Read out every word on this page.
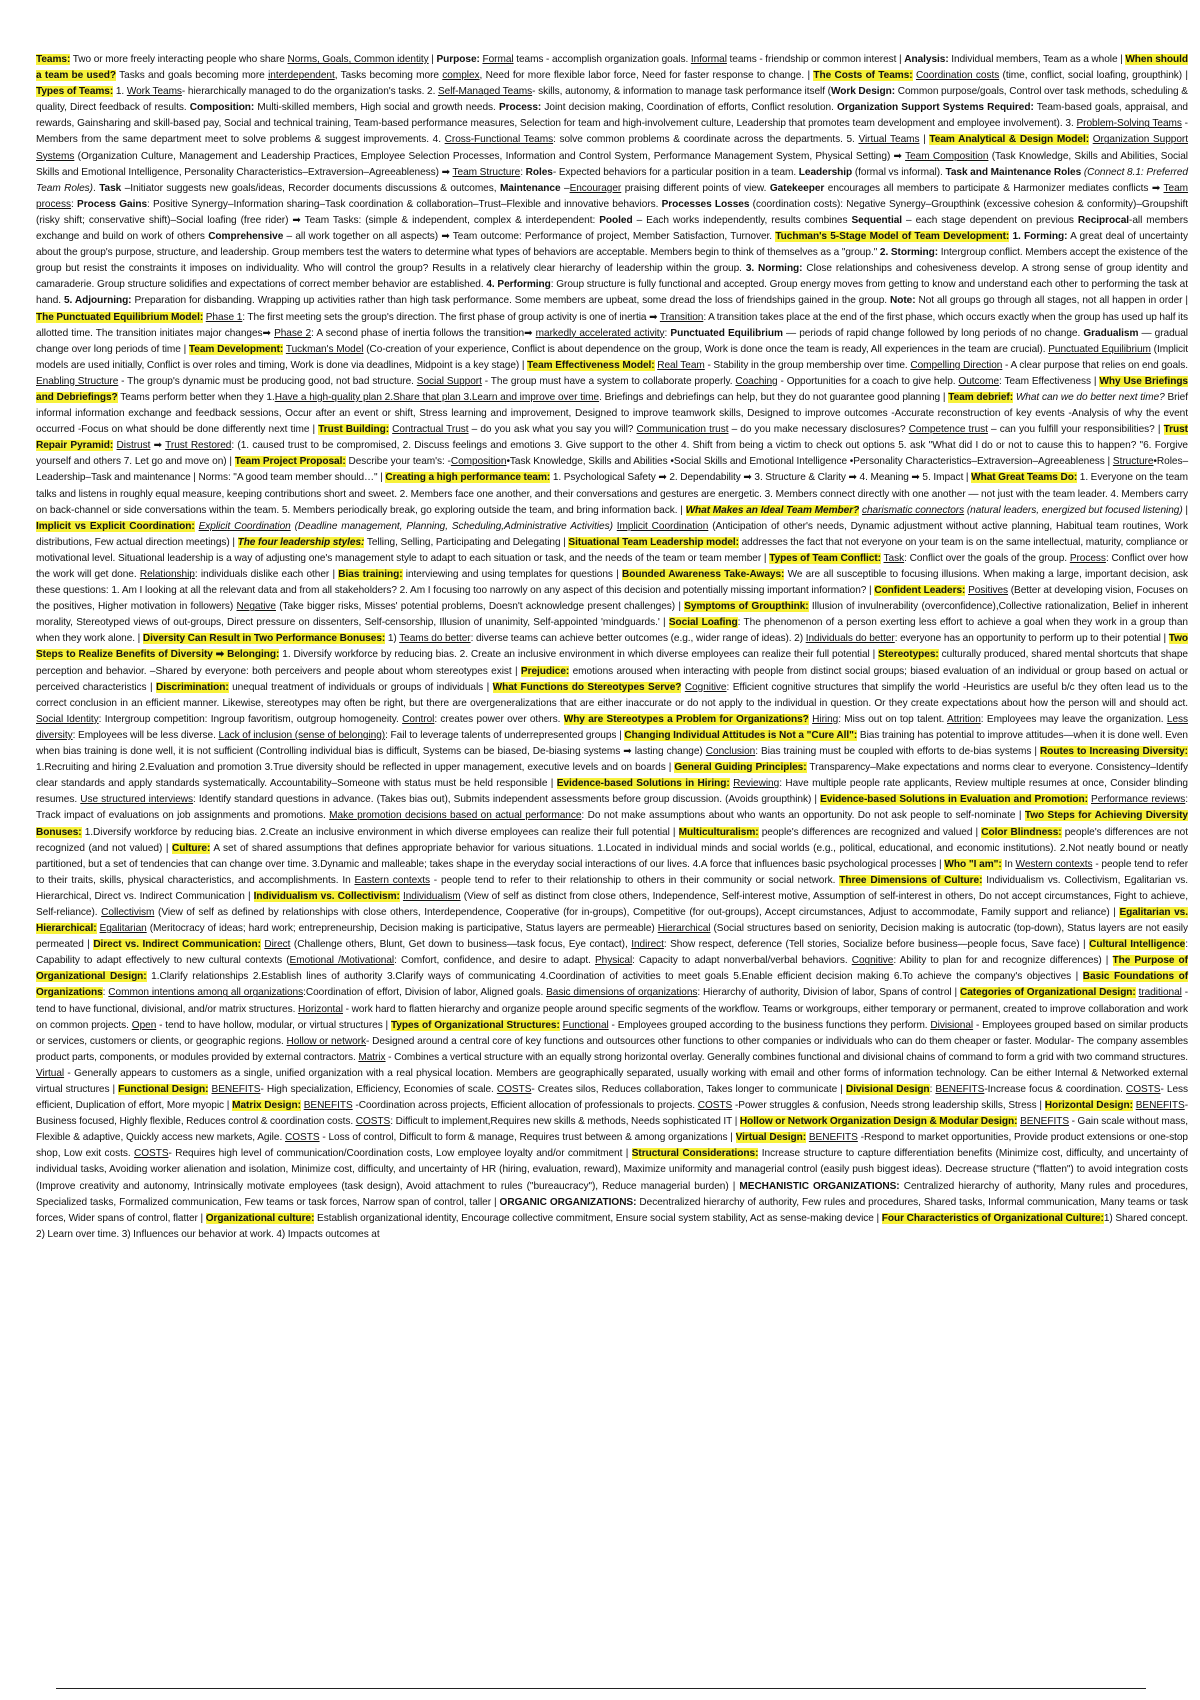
Teams: Two or more freely interacting people who share Norms, Goals, Common identity | Purpose: Formal teams - accomplish organization goals. Informal teams - friendship or common interest | Analysis: Individual members, Team as a whole | When should a team be used? Tasks and goals becoming more interdependent, Tasks becoming more complex, Need for more flexible labor force, Need for faster response to change. | The Costs of Teams: Coordination costs (time, conflict, social loafing, groupthink) | Types of Teams: 1. Work Teams- hierarchically managed to do the organization's tasks. 2. Self-Managed Teams- skills, autonomy, & information to manage task performance itself (Work Design: Common purpose/goals, Control over task methods, scheduling & quality, Direct feedback of results. Composition: Multi-skilled members, High social and growth needs. Process: Joint decision making, Coordination of efforts, Conflict resolution. Organization Support Systems Required: Team-based goals, appraisal, and rewards, Gainsharing and skill-based pay, Social and technical training, Team-based performance measures, Selection for team and high-involvement culture, Leadership that promotes team development and employee involvement). 3. Problem-Solving Teams - Members from the same department meet to solve problems & suggest improvements. 4. Cross-Functional Teams: solve common problems & coordinate across the departments. 5. Virtual Teams | Team Analytical & Design Model: Organization Support Systems (Organization Culture, Management and Leadership Practices, Employee Selection Processes, Information and Control System, Performance Management System, Physical Setting) ➡ Team Composition (Task Knowledge, Skills and Abilities, Social Skills and Emotional Intelligence, Personality Characteristics–Extraversion–Agreeableness) ➡ Team Structure: Roles- Expected behaviors for a particular position in a team. Leadership (formal vs informal). Task and Maintenance Roles (Connect 8.1: Preferred Team Roles). Task –Initiator suggests new goals/ideas, Recorder documents discussions & outcomes, Maintenance –Encourager praising different points of view. Gatekeeper encourages all members to participate & Harmonizer mediates conflicts ➡ Team process: Process Gains: Positive Synergy–Information sharing–Task coordination & collaboration–Trust–Flexible and innovative behaviors. Processes Losses (coordination costs): Negative Synergy–Groupthink (excessive cohesion & conformity)–Groupshift (risky shift; conservative shift)–Social loafing (free rider) ➡ Team Tasks: (simple & independent, complex & interdependent: Pooled – Each works independently, results combines Sequential – each stage dependent on previous Reciprocal-all members exchange and build on work of others Comprehensive – all work together on all aspects) ➡ Team outcome: Performance of project, Member Satisfaction, Turnover. Tuchman's 5-Stage Model of Team Development: 1. Forming: A great deal of uncertainty about the group's purpose, structure, and leadership. Group members test the waters to determine what types of behaviors are acceptable. Members begin to think of themselves as a "group." 2. Storming: Intergroup conflict. Members accept the existence of the group but resist the constraints it imposes on individuality. Who will control the group? Results in a relatively clear hierarchy of leadership within the group. 3. Norming: Close relationships and cohesiveness develop. A strong sense of group identity and camaraderie. Group structure solidifies and expectations of correct member behavior are established. 4. Performing: Group structure is fully functional and accepted. Group energy moves from getting to know and understand each other to performing the task at hand. 5. Adjourning: Preparation for disbanding. Wrapping up activities rather than high task performance. Some members are upbeat, some dread the loss of friendships gained in the group. Note: Not all groups go through all stages, not all happen in order | The Punctuated Equilibrium Model: Phase 1: The first meeting sets the group's direction. The first phase of group activity is one of inertia ➡ Transition: A transition takes place at the end of the first phase, which occurs exactly when the group has used up half its allotted time. The transition initiates major changes➡ Phase 2: A second phase of inertia follows the transition➡ markedly accelerated activity: Punctuated Equilibrium — periods of rapid change followed by long periods of no change. Gradualism — gradual change over long periods of time | Team Development: Tuckman's Model (Co-creation of your experience, Conflict is about dependence on the group, Work is done once the team is ready, All experiences in the team are crucial). Punctuated Equilibrium (Implicit models are used initially, Conflict is over roles and timing, Work is done via deadlines, Midpoint is a key stage) | Team Effectiveness Model: Real Team - Stability in the group membership over time. Compelling Direction - A clear purpose that relies on end goals. Enabling Structure - The group's dynamic must be producing good, not bad structure. Social Support - The group must have a system to collaborate properly. Coaching - Opportunities for a coach to give help. Outcome: Team Effectiveness | Why Use Briefings and Debriefings? Teams perform better when they 1.Have a high-quality plan 2.Share that plan 3.Learn and improve over time. Briefings and debriefings can help, but they do not guarantee good planning | Team debrief: What can we do better next time? Brief informal information exchange and feedback sessions, Occur after an event or shift, Stress learning and improvement, Designed to improve teamwork skills, Designed to improve outcomes -Accurate reconstruction of key events -Analysis of why the event occurred -Focus on what should be done differently next time | Trust Building: Contractual Trust – do you ask what you say you will? Communication trust – do you make necessary disclosures? Competence trust – can you fulfill your responsibilities? | Trust Repair Pyramid: Distrust ➡ Trust Restored: (1. caused trust to be compromised, 2. Discuss feelings and emotions 3. Give support to the other 4. Shift from being a victim to check out options 5. ask "What did I do or not to cause this to happen? "6. Forgive yourself and others 7. Let go and move on) | Team Project Proposal: Describe your team's: -Composition•Task Knowledge, Skills and Abilities •Social Skills and Emotional Intelligence •Personality Characteristics–Extraversion–Agreeableness | Structure•Roles–Leadership–Task and maintenance | Norms: "A good team member should…" | Creating a high performance team: 1. Psychological Safety ➡ 2. Dependability ➡ 3. Structure & Clarity ➡ 4. Meaning ➡ 5. Impact | What Great Teams Do: 1. Everyone on the team talks and listens in roughly equal measure, keeping contributions short and sweet. 2. Members face one another, and their conversations and gestures are energetic. 3. Members connect directly with one another — not just with the team leader. 4. Members carry on back-channel or side conversations within the team. 5. Members periodically break, go exploring outside the team, and bring information back. | What Makes an Ideal Team Member? charismatic connectors (natural leaders, energized but focused listening) | Implicit vs Explicit Coordination: Explicit Coordination (Deadline management, Planning, Scheduling,Administrative Activities) Implicit Coordination (Anticipation of other's needs, Dynamic adjustment without active planning, Habitual team routines, Work distributions, Few actual direction meetings) | The four leadership styles: Telling, Selling, Participating and Delegating | Situational Team Leadership model: addresses the fact that not everyone on your team is on the same intellectual, maturity, compliance or motivational level. Situational leadership is a way of adjusting one's management style to adapt to each situation or task, and the needs of the team or team member | Types of Team Conflict: Task: Conflict over the goals of the group. Process: Conflict over how the work will get done. Relationship: individuals dislike each other | Bias training: interviewing and using templates for questions | Bounded Awareness Take-Aways: We are all susceptible to focusing illusions. When making a large, important decision, ask these questions: 1. Am I looking at all the relevant data and from all stakeholders? 2. Am I focusing too narrowly on any aspect of this decision and potentially missing important information? | Confident Leaders: Positives (Better at developing vision, Focuses on the positives, Higher motivation in followers) Negative (Take bigger risks, Misses' potential problems, Doesn't acknowledge present challenges) | Symptoms of Groupthink: Illusion of invulnerability (overconfidence),Collective rationalization, Belief in inherent morality, Stereotyped views of out-groups, Direct pressure on dissenters, Self-censorship, Illusion of unanimity, Self-appointed 'mindguards.' | Social Loafing: The phenomenon of a person exerting less effort to achieve a goal when they work in a group than when they work alone. | Diversity Can Result in Two Performance Bonuses: 1) Teams do better: diverse teams can achieve better outcomes (e.g., wider range of ideas). 2) Individuals do better: everyone has an opportunity to perform up to their potential | Two Steps to Realize Benefits of Diversity ➡ Belonging: 1. Diversify workforce by reducing bias. 2. Create an inclusive environment in which diverse employees can realize their full potential | Stereotypes: culturally produced, shared mental shortcuts that shape perception and behavior. –Shared by everyone: both perceivers and people about whom stereotypes exist | Prejudice: emotions aroused when interacting with people from distinct social groups; biased evaluation of an individual or group based on actual or perceived characteristics | Discrimination: unequal treatment of individuals or groups of individuals | What Functions do Stereotypes Serve? Cognitive: Efficient cognitive structures that simplify the world -Heuristics are useful b/c they often lead us to the correct conclusion in an efficient manner. Likewise, stereotypes may often be right, but there are overgeneralizations that are either inaccurate or do not apply to the individual in question. Or they create expectations about how the person will and should act. Social Identity: Intergroup competition: Ingroup favoritism, outgroup homogeneity. Control: creates power over others. Why are Stereotypes a Problem for Organizations? Hiring: Miss out on top talent. Attrition: Employees may leave the organization. Less diversity: Employees will be less diverse. Lack of inclusion (sense of belonging): Fail to leverage talents of underrepresented groups | Changing Individual Attitudes is Not a "Cure All": Bias training has potential to improve attitudes—when it is done well. Even when bias training is done well, it is not sufficient (Controlling individual bias is difficult, Systems can be biased, De-biasing systems ➡ lasting change) Conclusion: Bias training must be coupled with efforts to de-bias systems | Routes to Increasing Diversity: 1.Recruiting and hiring 2.Evaluation and promotion 3.True diversity should be reflected in upper management, executive levels and on boards | General Guiding Principles: Transparency–Make expectations and norms clear to everyone. Consistency–Identify clear standards and apply standards systematically. Accountability–Someone with status must be held responsible | Evidence-based Solutions in Hiring: Reviewing: Have multiple people rate applicants, Review multiple resumes at once, Consider blinding resumes. Use structured interviews: Identify standard questions in advance. (Takes bias out), Submits independent assessments before group discussion. (Avoids groupthink) | Evidence-based Solutions in Evaluation and Promotion: Performance reviews: Track impact of evaluations on job assignments and promotions. Make promotion decisions based on actual performance: Do not make assumptions about who wants an opportunity. Do not ask people to self-nominate | Two Steps for Achieving Diversity Bonuses: 1.Diversify workforce by reducing bias. 2.Create an inclusive environment in which diverse employees can realize their full potential | Multiculturalism: people's differences are recognized and valued | Color Blindness: people's differences are not recognized (and not valued) | Culture: A set of shared assumptions that defines appropriate behavior for various situations. 1.Located in individual minds and social worlds (e.g., political, educational, and economic institutions). 2.Not neatly bound or neatly partitioned, but a set of tendencies that can change over time. 3.Dynamic and malleable; takes shape in the everyday social interactions of our lives. 4.A force that influences basic psychological processes | Who "I am": In Western contexts - people tend to refer to their traits, skills, physical characteristics, and accomplishments. In Eastern contexts - people tend to refer to their relationship to others in their community or social network. Three Dimensions of Culture: Individualism vs. Collectivism, Egalitarian vs. Hierarchical, Direct vs. Indirect Communication | Individualism vs. Collectivism: Individualism (View of self as distinct from close others, Independence, Self-interest motive, Assumption of self-interest in others, Do not accept circumstances, Fight to achieve, Self-reliance). Collectivism (View of self as defined by relationships with close others, Interdependence, Cooperative (for in-groups), Competitive (for out-groups), Accept circumstances, Adjust to accommodate, Family support and reliance) | Egalitarian vs. Hierarchical: Egalitarian (Meritocracy of ideas; hard work; entrepreneurship, Decision making is participative, Status layers are permeable) Hierarchical (Social structures based on seniority, Decision making is autocratic (top-down), Status layers are not easily permeated | Direct vs. Indirect Communication: Direct (Challenge others, Blunt, Get down to business—task focus, Eye contact), Indirect: Show respect, deference (Tell stories, Socialize before business—people focus, Save face) | Cultural Intelligence: Capability to adapt effectively to new cultural contexts (Emotional /Motivational: Comfort, confidence, and desire to adapt. Physical: Capacity to adapt nonverbal/verbal behaviors. Cognitive: Ability to plan for and recognize differences) | The Purpose of Organizational Design: 1.Clarify relationships 2.Establish lines of authority 3.Clarify ways of communicating 4.Coordination of activities to meet goals 5.Enable efficient decision making 6.To achieve the company's objectives | Basic Foundations of Organizations: Common intentions among all organizations:Coordination of effort, Division of labor, Aligned goals. Basic dimensions of organizations: Hierarchy of authority, Division of labor, Spans of control | Categories of Organizational Design: traditional - tend to have functional, divisional, and/or matrix structures. Horizontal - work hard to flatten hierarchy and organize people around specific segments of the workflow. Teams or workgroups, either temporary or permanent, created to improve collaboration and work on common projects. Open - tend to have hollow, modular, or virtual structures | Types of Organizational Structures: Functional - Employees grouped according to the business functions they perform. Divisional - Employees grouped based on similar products or services, customers or clients, or geographic regions. Hollow or network- Designed around a central core of key functions and outsources other functions to other companies or individuals who can do them cheaper or faster. Modular- The company assembles product parts, components, or modules provided by external contractors. Matrix - Combines a vertical structure with an equally strong horizontal overlay. Generally combines functional and divisional chains of command to form a grid with two command structures. Virtual - Generally appears to customers as a single, unified organization with a real physical location. Members are geographically separated, usually working with email and other forms of information technology. Can be either Internal & Networked external virtual structures | Functional Design: BENEFITS- High specialization, Efficiency, Economies of scale. COSTS- Creates silos, Reduces collaboration, Takes longer to communicate | Divisional Design: BENEFITS-Increase focus & coordination. COSTS- Less efficient, Duplication of effort, More myopic | Matrix Design: BENEFITS -Coordination across projects, Efficient allocation of professionals to projects. COSTS -Power struggles & confusion, Needs strong leadership skills, Stress | Horizontal Design: BENEFITS-Business focused, Highly flexible, Reduces control & coordination costs. COSTS: Difficult to implement,Requires new skills & methods, Needs sophisticated IT | Hollow or Network Organization Design & Modular Design: BENEFITS - Gain scale without mass, Flexible & adaptive, Quickly access new markets, Agile. COSTS - Loss of control, Difficult to form & manage, Requires trust between & among organizations | Virtual Design: BENEFITS -Respond to market opportunities, Provide product extensions or one-stop shop, Low exit costs. COSTS- Requires high level of communication/Coordination costs, Low employee loyalty and/or commitment | Structural Considerations: Increase structure to capture differentiation benefits (Minimize cost, difficulty, and uncertainty of individual tasks, Avoiding worker alienation and isolation, Minimize cost, difficulty, and uncertainty of HR (hiring, evaluation, reward), Maximize uniformity and managerial control (easily push biggest ideas). Decrease structure ("flatten") to avoid integration costs (Improve creativity and autonomy, Intrinsically motivate employees (task design), Avoid attachment to rules ("bureaucracy"), Reduce managerial burden) | MECHANISTIC ORGANIZATIONS: Centralized hierarchy of authority, Many rules and procedures, Specialized tasks, Formalized communication, Few teams or task forces, Narrow span of control, taller | ORGANIC ORGANIZATIONS: Decentralized hierarchy of authority, Few rules and procedures, Shared tasks, Informal communication, Many teams or task forces, Wider spans of control, flatter | Organizational culture: Establish organizational identity, Encourage collective commitment, Ensure social system stability, Act as sense-making device | Four Characteristics of Organizational Culture:1) Shared concept. 2) Learn over time. 3) Influences our behavior at work. 4) Impacts outcomes at
